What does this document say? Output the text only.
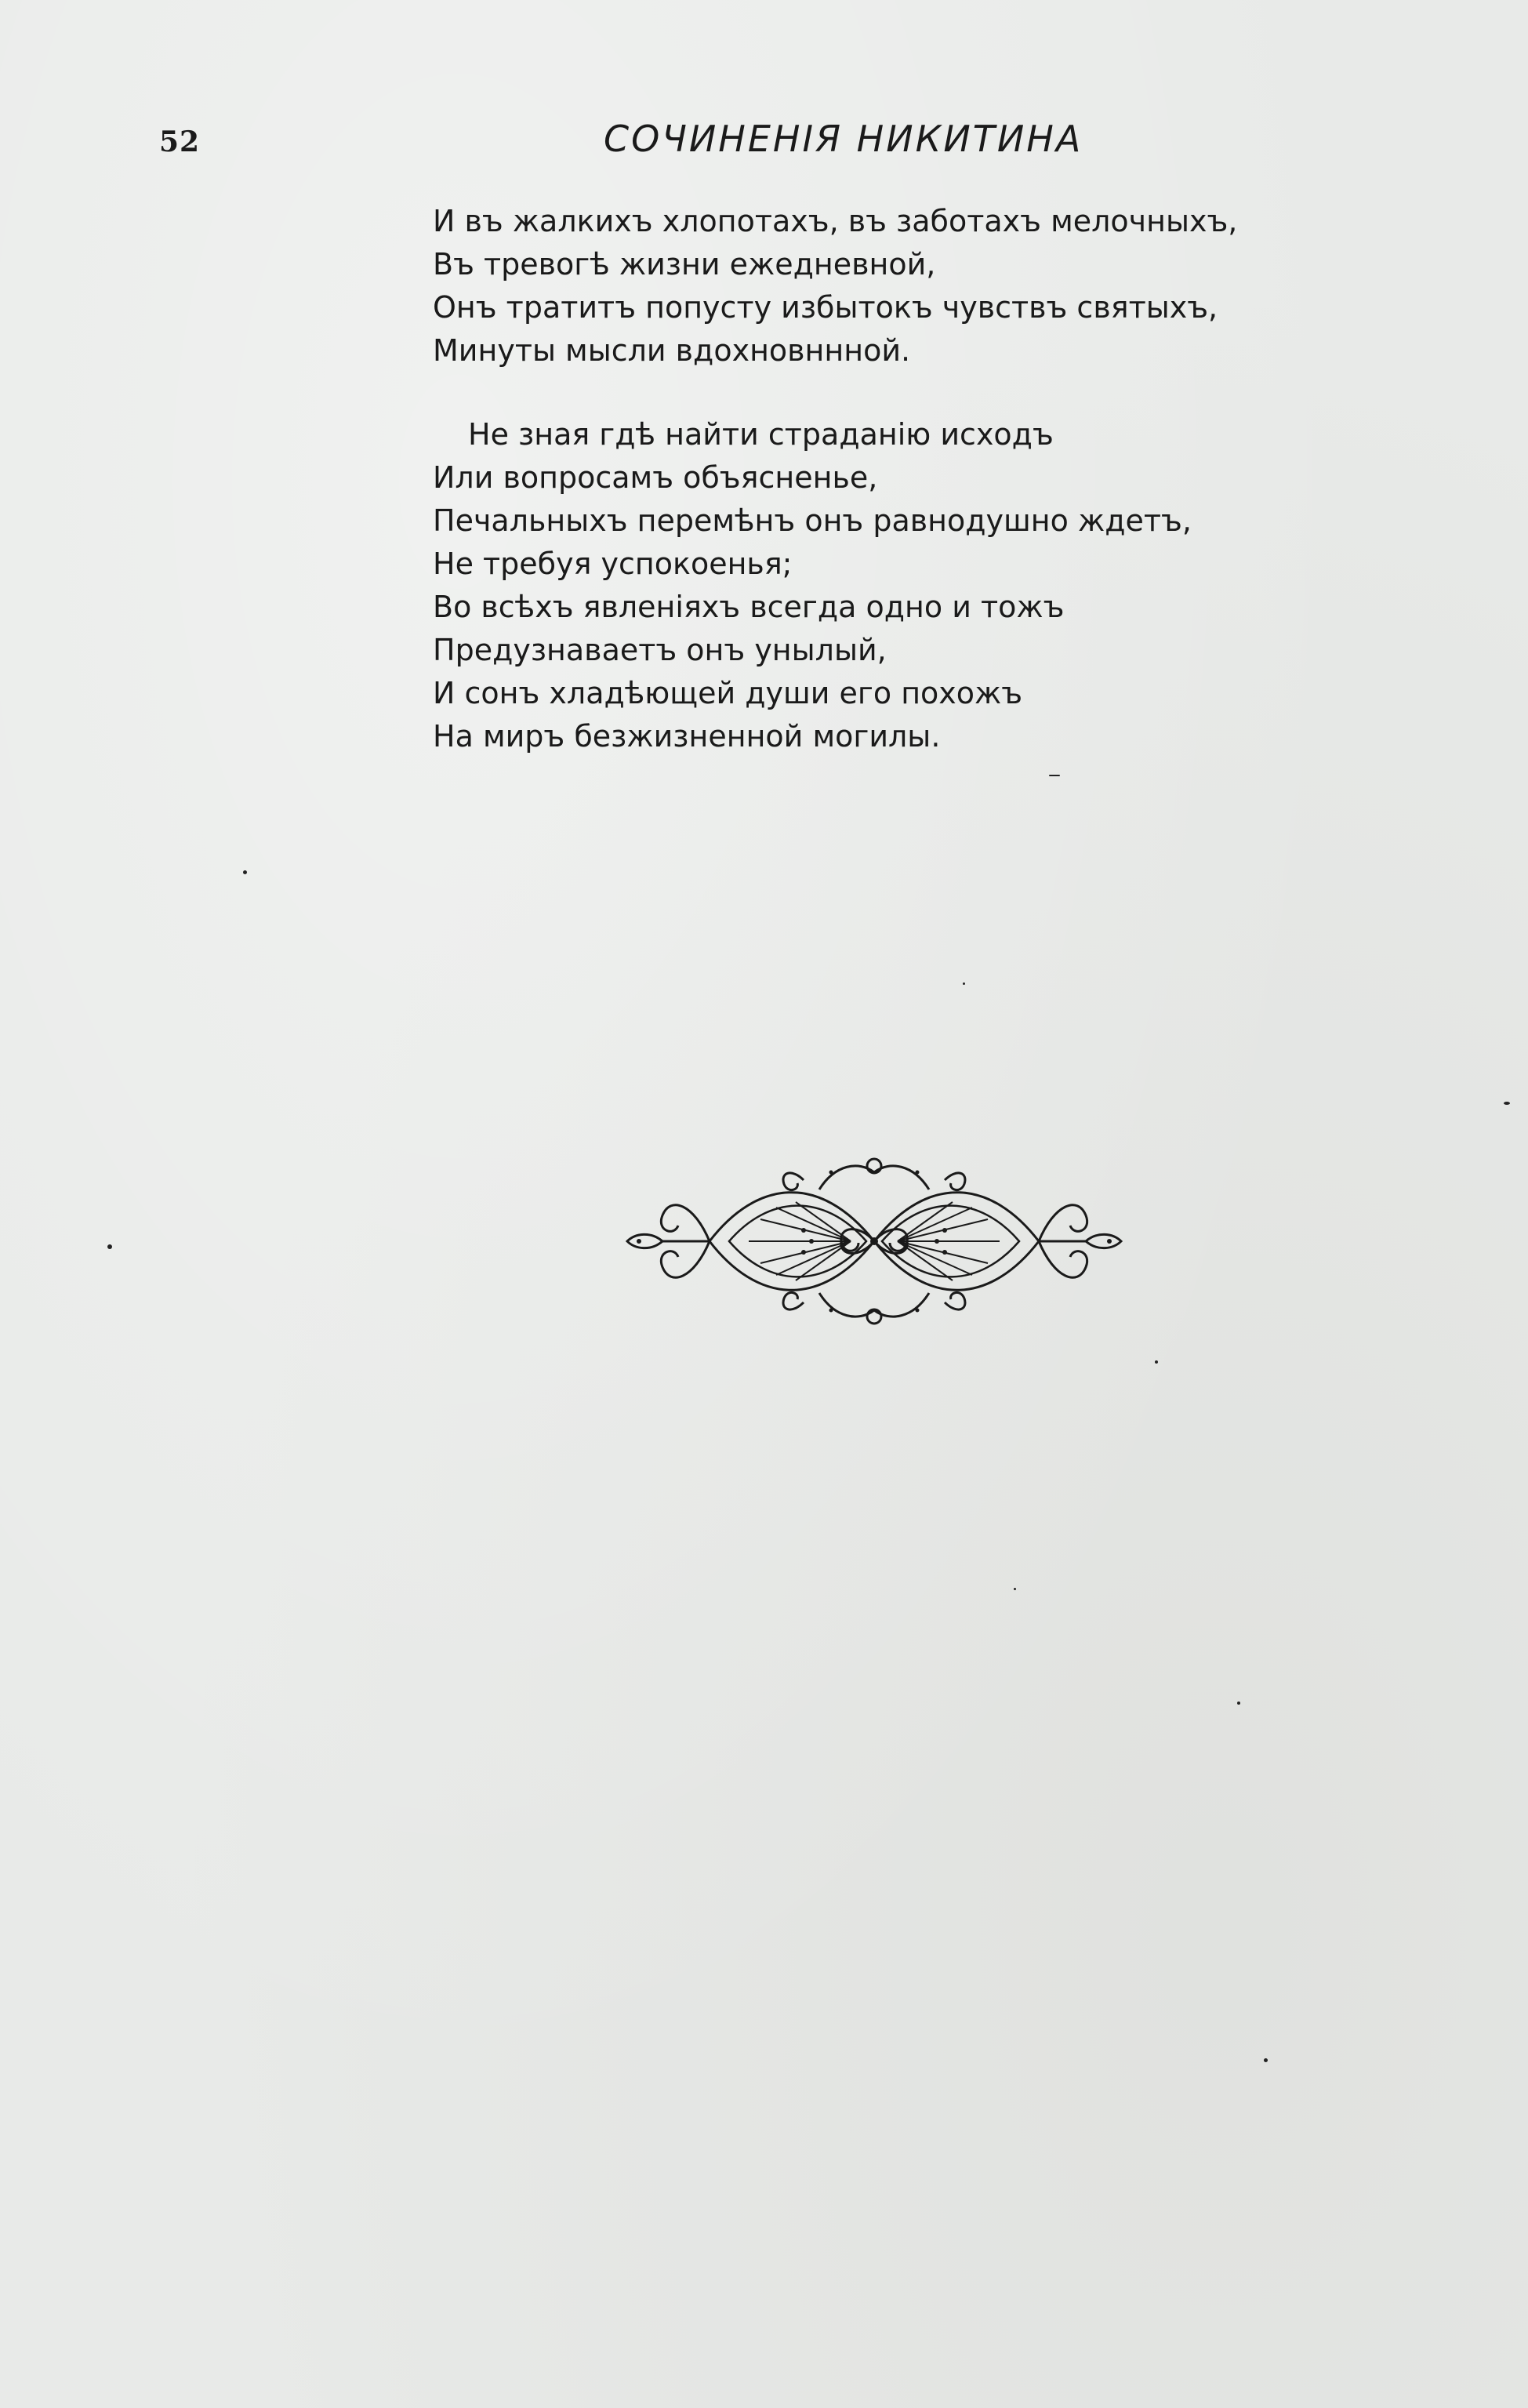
52	СОЧИНЕНІЯ НИКИТИНА

И въ жалкихъ хлопотахъ, въ заботахъ мелочныхъ,
Въ тревогѣ жизни ежедневной,
Онъ тратитъ попусту избытокъ чувствъ святыхъ,
Минуты мысли вдохновннной.

Не зная гдѣ найти страданію исходъ
Или вопросамъ объясненье,
Печальныхъ перемѣнъ онъ равнодушно ждетъ,
Не требуя успокоенья;
Во всѣхъ явленіяхъ всегда одно и тожъ
Предузнаваетъ онъ унылый,
И сонъ хладѣющей души его похожъ
На миръ безжизненной могилы.
